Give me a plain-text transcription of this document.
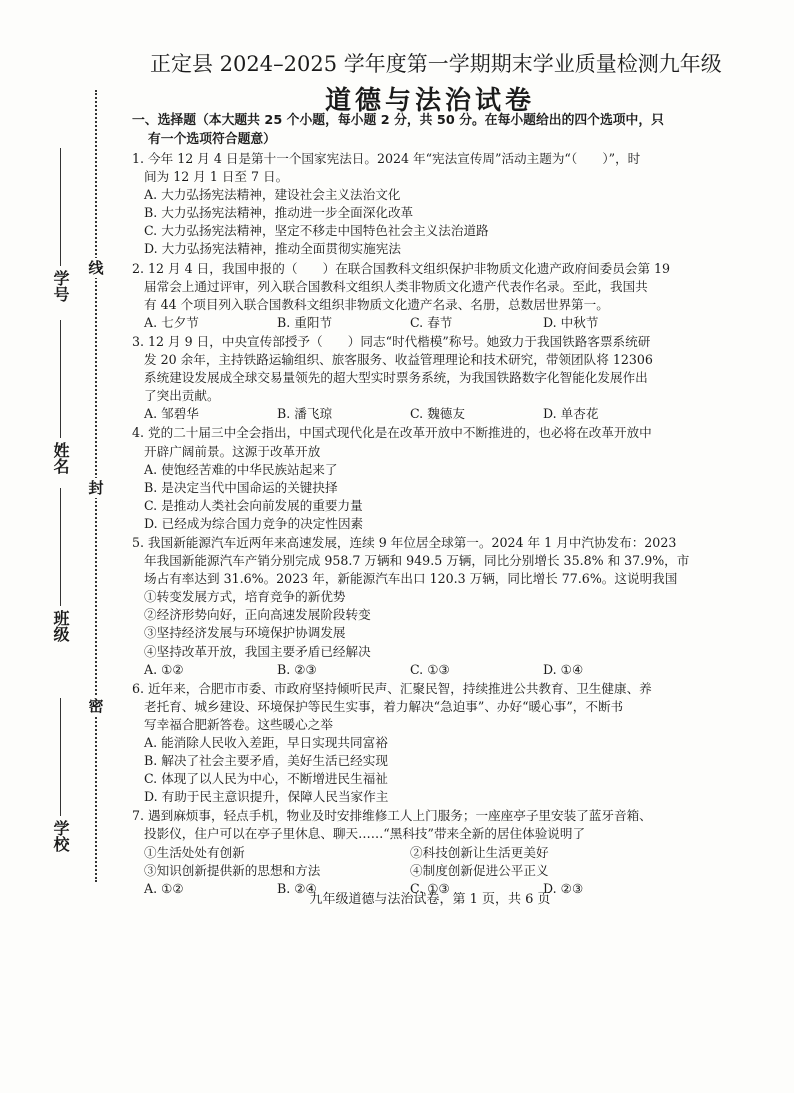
学号
姓名
班级
学校
线
封
密
正定县 2024–2025 学年度第一学期期末学业质量检测九年级
道德与法治试卷
一、选择题（本大题共 25 个小题，每小题 2 分，共 50 分。在每小题给出的四个选项中，只
有一个选项符合题意）
1. 今年 12 月 4 日是第十一个国家宪法日。2024 年“宪法宣传周”活动主题为“（　　）”，时
间为 12 月 1 日至 7 日。
A. 大力弘扬宪法精神，建设社会主义法治文化
B. 大力弘扬宪法精神，推动进一步全面深化改革
C. 大力弘扬宪法精神，坚定不移走中国特色社会主义法治道路
D. 大力弘扬宪法精神，推动全面贯彻实施宪法
2. 12 月 4 日，我国申报的（　　）在联合国教科文组织保护非物质文化遗产政府间委员会第 19
届常会上通过评审，列入联合国教科文组织人类非物质文化遗产代表作名录。至此，我国共
有 44 个项目列入联合国教科文组织非物质文化遗产名录、名册，总数居世界第一。
A. 七夕节	B. 重阳节	C. 春节	D. 中秋节
3. 12 月 9 日，中央宣传部授予（　　）同志“时代楷模”称号。她致力于我国铁路客票系统研
发 20 余年，主持铁路运输组织、旅客服务、收益管理理论和技术研究，带领团队将 12306
系统建设发展成全球交易量领先的超大型实时票务系统，为我国铁路数字化智能化发展作出
了突出贡献。
A. 邹碧华	B. 潘飞琼	C. 魏德友	D. 单杏花
4. 党的二十届三中全会指出，中国式现代化是在改革开放中不断推进的，也必将在改革开放中
开辟广阔前景。这源于改革开放
A. 使饱经苦难的中华民族站起来了
B. 是决定当代中国命运的关键抉择
C. 是推动人类社会向前发展的重要力量
D. 已经成为综合国力竞争的决定性因素
5. 我国新能源汽车近两年来高速发展，连续 9 年位居全球第一。2024 年 1 月中汽协发布：2023
年我国新能源汽车产销分别完成 958.7 万辆和 949.5 万辆，同比分别增长 35.8% 和 37.9%，市
场占有率达到 31.6%。2023 年，新能源汽车出口 120.3 万辆，同比增长 77.6%。这说明我国
①转变发展方式，培育竞争的新优势
②经济形势向好，正向高速发展阶段转变
③坚持经济发展与环境保护协调发展
④坚持改革开放，我国主要矛盾已经解决
A. ①②	B. ②③	C. ①③	D. ①④
6. 近年来，合肥市市委、市政府坚持倾听民声、汇聚民智，持续推进公共教育、卫生健康、养
老托育、城乡建设、环境保护等民生实事，着力解决“急迫事”、办好“暖心事”，不断书
写幸福合肥新答卷。这些暖心之举
A. 能消除人民收入差距，早日实现共同富裕
B. 解决了社会主要矛盾，美好生活已经实现
C. 体现了以人民为中心，不断增进民生福祉
D. 有助于民主意识提升，保障人民当家作主
7. 遇到麻烦事，轻点手机，物业及时安排维修工人上门服务；一座座亭子里安装了蓝牙音箱、
投影仪，住户可以在亭子里休息、聊天……“黑科技”带来全新的居住体验说明了
①生活处处有创新	②科技创新让生活更美好
③知识创新提供新的思想和方法	④制度创新促进公平正义
A. ①②	B. ②④	C. ①③	D. ②③
九年级道德与法治试卷，第 1 页，共 6 页
